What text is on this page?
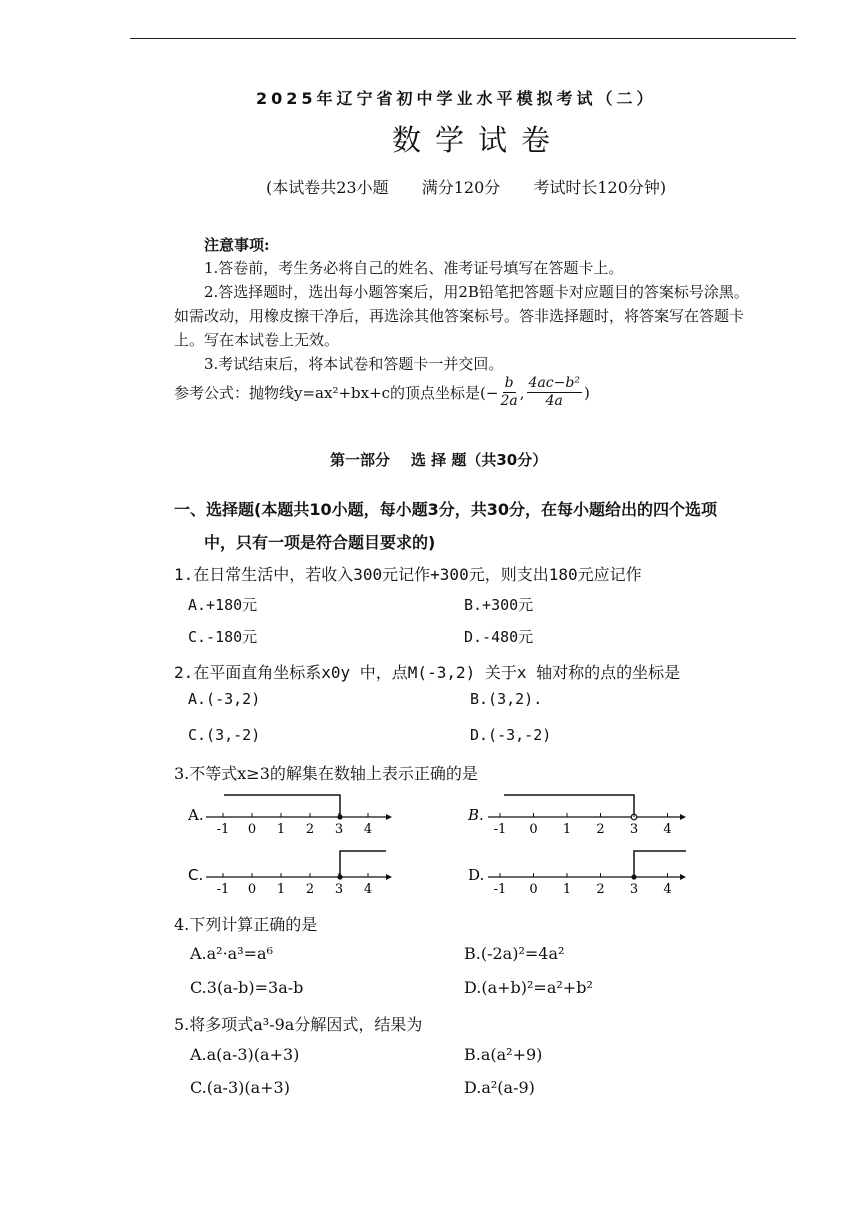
2025年辽宁省初中学业水平模拟考试（二）
数学试卷
(本试卷共23小题 满分120分 考试时长120分钟)
注意事项:
1.答卷前，考生务必将自己的姓名、准考证号填写在答题卡上。
2.答选择题时，选出每小题答案后，用2B铅笔把答题卡对应题目的答案标号涂黑。
如需改动，用橡皮擦干净后，再选涂其他答案标号。答非选择题时，将答案写在答题卡
上。写在本试卷上无效。
3.考试结束后，将本试卷和答题卡一并交回。
参考公式：抛物线y=ax²+bx+c的顶点坐标是( − $\frac{b}{2a}$ , $\frac{\text{4ac−b²}}{4a}$ )
第一部分    选 择 题（共30分）
一、选择题(本题共10小题，每小题3分，共30分，在每小题给出的四个选项
中，只有一项是符合题目要求的)
1.在日常生活中，若收入300元记作+300元，则支出180元应记作
A.+180元	B.+300元
C.-180元	D.-480元
2.在平面直角坐标系x0y 中，点M(-3,2) 关于x 轴对称的点的坐标是
A.(-3,2)	B.(3,2).
C.(3,-2)	D.(-3,-2)
3.不等式x≥3的解集在数轴上表示正确的是
A.
-1 0 1 2 3 4
B.
-1 0 1 2 3 4
C.
-1 0 1 2 3 4
D.
-1 0 1 2 3 4
4.下列计算正确的是
A.a²·a³=a⁶	B.(-2a)²=4a²
C.3(a-b)=3a-b	D.(a+b)²=a²+b²
5.将多项式a³-9a分解因式，结果为
A.a(a-3)(a+3)	B.a(a²+9)
C.(a-3)(a+3)	D.a²(a-9)
